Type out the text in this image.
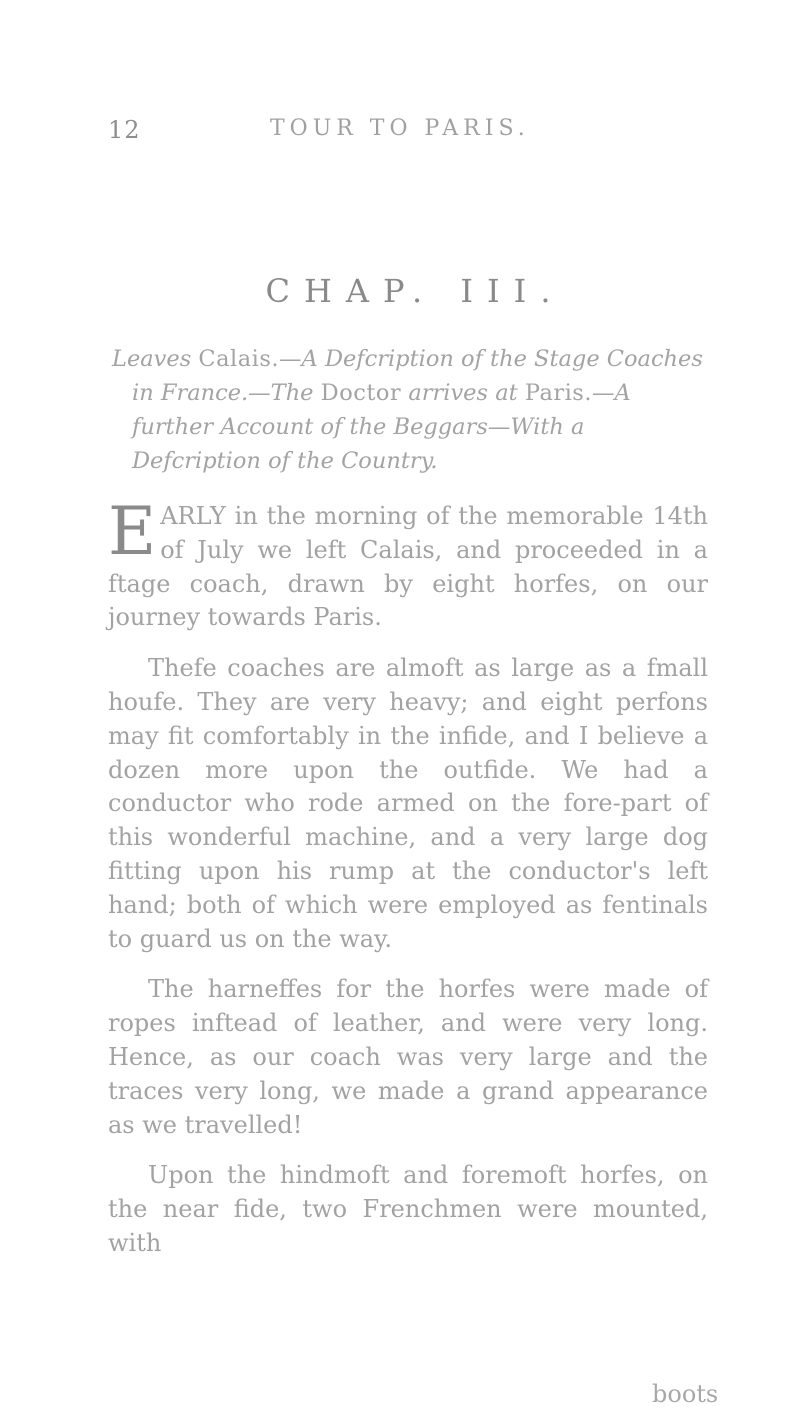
12	TOUR TO PARIS.
CHAP. III.
Leaves Calais.—A Defcription of the Stage Coaches in France.—The Doctor arrives at Paris.—A further Account of the Beggars—With a Defcription of the Country.

EARLY in the morning of the memorable 14th of July we left Calais, and proceeded in a ftage coach, drawn by eight horfes, on our journey towards Paris.

Thefe coaches are almoft as large as a fmall houfe. They are very heavy; and eight perfons may fit comfortably in the infide, and I believe a dozen more upon the outfide. We had a conductor who rode armed on the fore-part of this wonderful machine, and a very large dog fitting upon his rump at the conductor's left hand; both of which were employed as fentinals to guard us on the way.

The harneffes for the horfes were made of ropes inftead of leather, and were very long. Hence, as our coach was very large and the traces very long, we made a grand appearance as we travelled!

Upon the hindmoft and foremoft horfes, on the near fide, two Frenchmen were mounted, with

boots
